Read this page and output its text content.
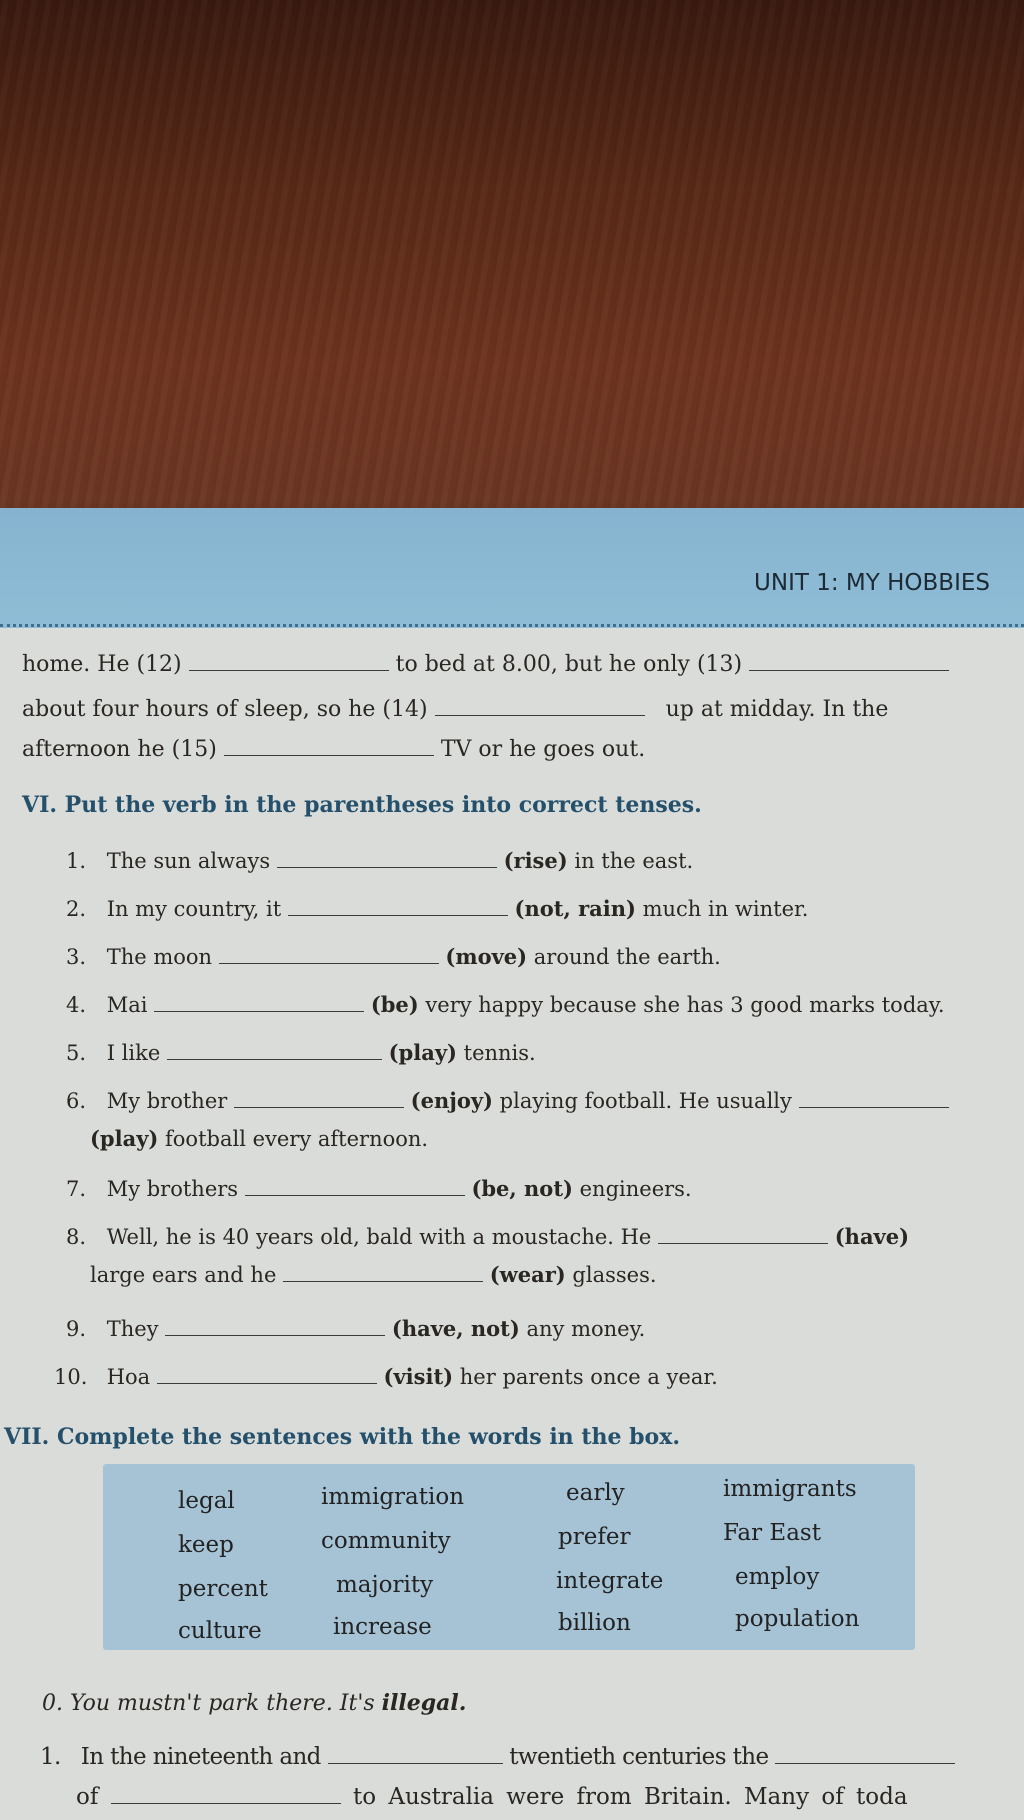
UNIT 1: MY HOBBIES
home. He (12)	to bed at 8.00, but he only (13)
about four hours of sleep, so he (14)	up at midday. In the
afternoon he (15)	TV or he goes out.
VI. Put the verb in the parentheses into correct tenses.
1. The sun always	(rise) in the east.
2. In my country, it	(not, rain) much in winter.
3. The moon	(move) around the earth.
4. Mai	(be) very happy because she has 3 good marks today.
5. I like	(play) tennis.
6. My brother	(enjoy) playing football. He usually
(play) football every afternoon.
7. My brothers	(be, not) engineers.
8. Well, he is 40 years old, bald with a moustache. He	(have)
large ears and he	(wear) glasses.
9. They	(have, not) any money.
10. Hoa	(visit) her parents once a year.
VII. Complete the sentences with the words in the box.
legal	immigration	early	immigrants
keep	community	prefer	Far East
percent	majority	integrate	employ
culture	increase	billion	population
0. You mustn't park there. It's illegal.
1. In the nineteenth and	twentieth centuries the
of	to Australia were from Britain. Many of toda
